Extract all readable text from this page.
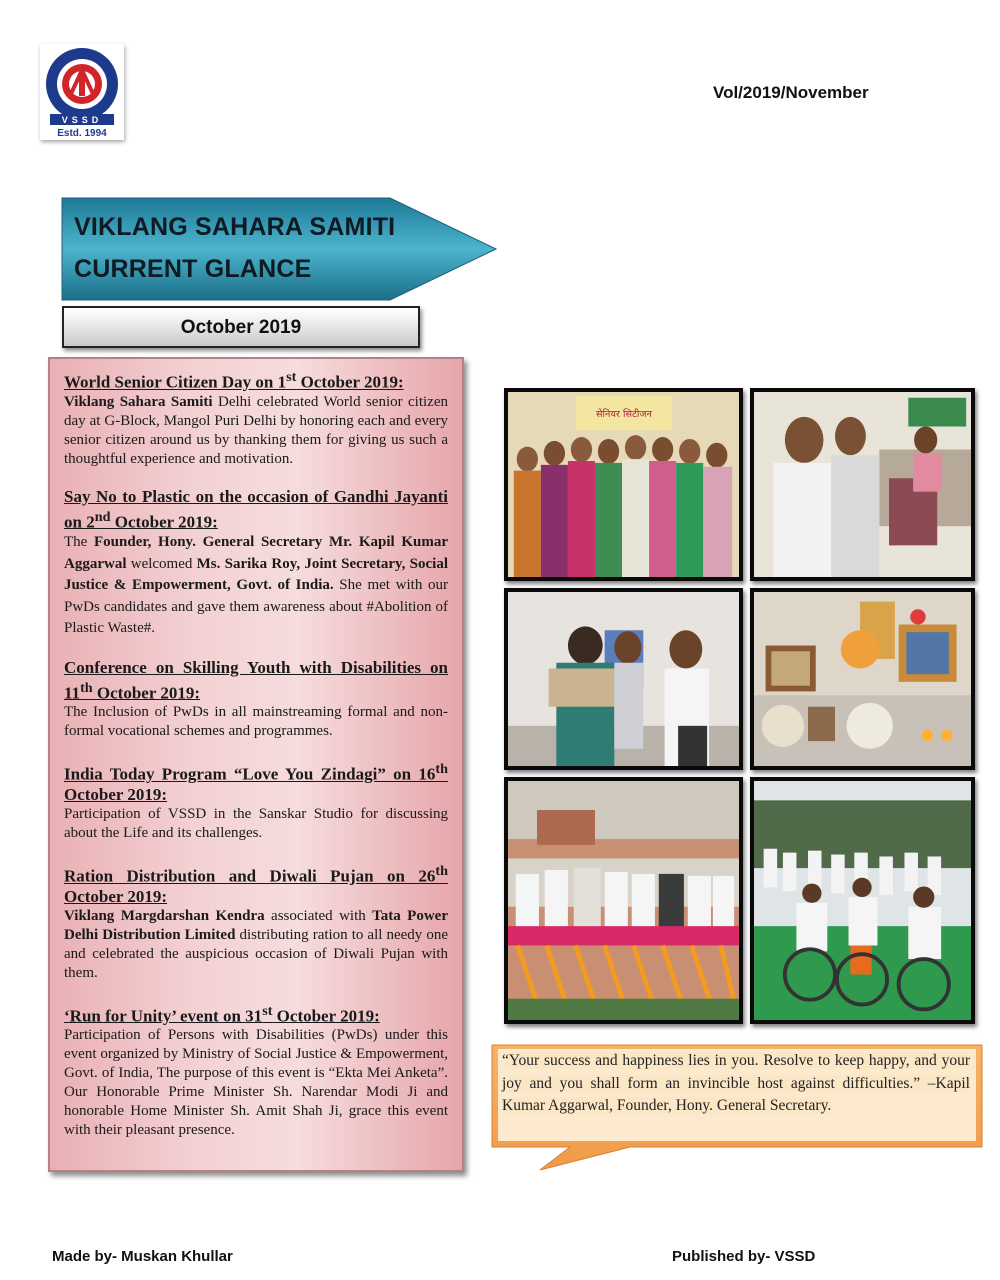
VSSD
Estd. 1994
Vol/2019/November
VIKLANG SAHARA SAMITI
CURRENT GLANCE
October 2019
World Senior Citizen Day on 1st October 2019:
Viklang Sahara Samiti Delhi celebrated World senior citizen day at G-Block, Mangol Puri Delhi by honoring each and every senior citizen around us by thanking them for giving us such a thoughtful experience and motivation.
Say No to Plastic on the occasion of Gandhi Jayanti on 2nd October 2019:
The Founder, Hony. General Secretary Mr. Kapil Kumar Aggarwal welcomed Ms. Sarika Roy, Joint Secretary, Social Justice & Empowerment, Govt. of India. She met with our PwDs candidates and gave them awareness about #Abolition of Plastic Waste#.
Conference on Skilling Youth with Disabilities on 11th October 2019:
The Inclusion of PwDs in all mainstreaming formal and non-formal vocational schemes and programmes.
India Today Program “Love You Zindagi” on 16th October 2019:
Participation of VSSD in the Sanskar Studio for discussing about the Life and its challenges.
Ration Distribution and Diwali Pujan on 26th October 2019:
Viklang Margdarshan Kendra associated with Tata Power Delhi Distribution Limited distributing ration to all needy one and celebrated the auspicious occasion of Diwali Pujan with them.
‘Run for Unity’ event on 31st October 2019:
Participation of Persons with Disabilities (PwDs) under this event organized by Ministry of Social Justice & Empowerment, Govt. of India, The purpose of this event is “Ekta Mei Anketa”. Our Honorable Prime Minister Sh. Narendar Modi Ji and honorable Home Minister Sh. Amit Shah Ji, grace this event with their pleasant presence.
सेनियर सिटीजन
“Your success and happiness lies in you. Resolve to keep happy, and your joy and you shall form an invincible host against difficulties.” –Kapil Kumar Aggarwal, Founder, Hony. General Secretary.
Made by- Muskan Khullar	Published by- VSSD
